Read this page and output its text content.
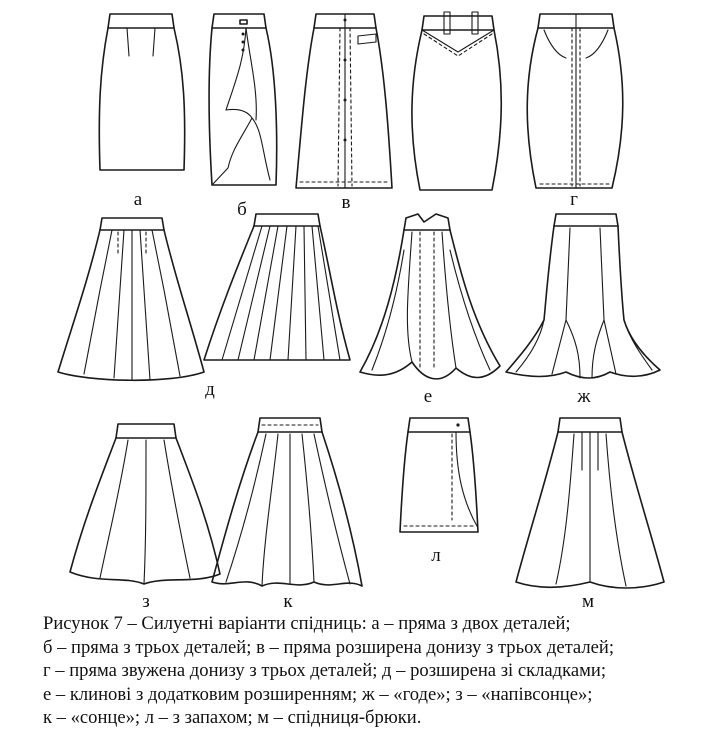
а	б	в	г
д	е	ж
з	к
л
м
Рисунок 7 – Силуетні варіанти спідниць: а – пряма з двох деталей;
б – пряма з трьох деталей; в – пряма розширена донизу з трьох деталей;
г – пряма звужена донизу з трьох деталей; д – розширена зі складками;
е – клинові з додатковим розширенням; ж – «годе»; з – «напівсонце»;
к – «сонце»; л – з запахом; м – спідниця-брюки.
